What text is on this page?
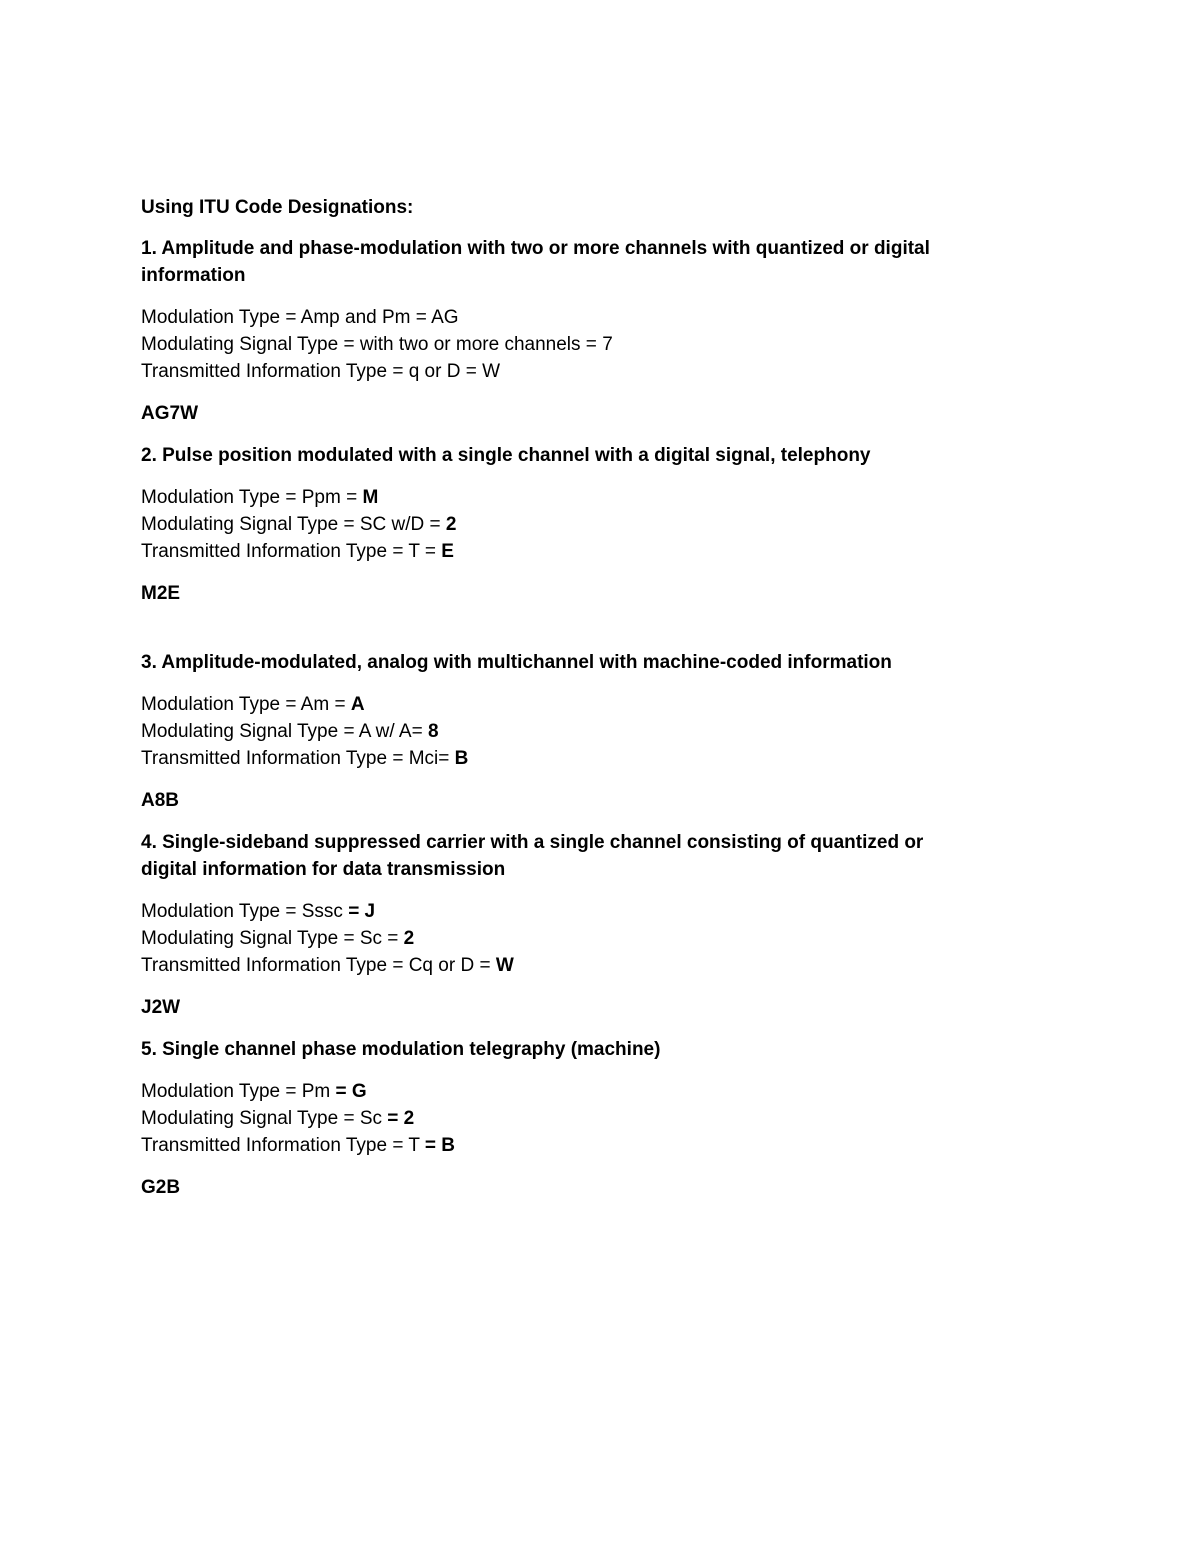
Using ITU Code Designations:
1. Amplitude and phase-modulation with two or more channels with quantized or digital
information
Modulation Type = Amp and Pm = AG
Modulating Signal Type = with two or more channels = 7
Transmitted Information Type = q or D = W
AG7W
2. Pulse position modulated with a single channel with a digital signal, telephony
Modulation Type = Ppm = M
Modulating Signal Type = SC w/D = 2
Transmitted Information Type = T = E
M2E
3. Amplitude-modulated, analog with multichannel with machine-coded information
Modulation Type = Am = A
Modulating Signal Type = A w/ A= 8
Transmitted Information Type = Mci= B
A8B
4. Single-sideband suppressed carrier with a single channel consisting of quantized or
digital information for data transmission
Modulation Type = Sssc = J
Modulating Signal Type = Sc = 2
Transmitted Information Type = Cq or D = W
J2W
5. Single channel phase modulation telegraphy (machine)
Modulation Type = Pm = G
Modulating Signal Type = Sc = 2
Transmitted Information Type = T = B
G2B
